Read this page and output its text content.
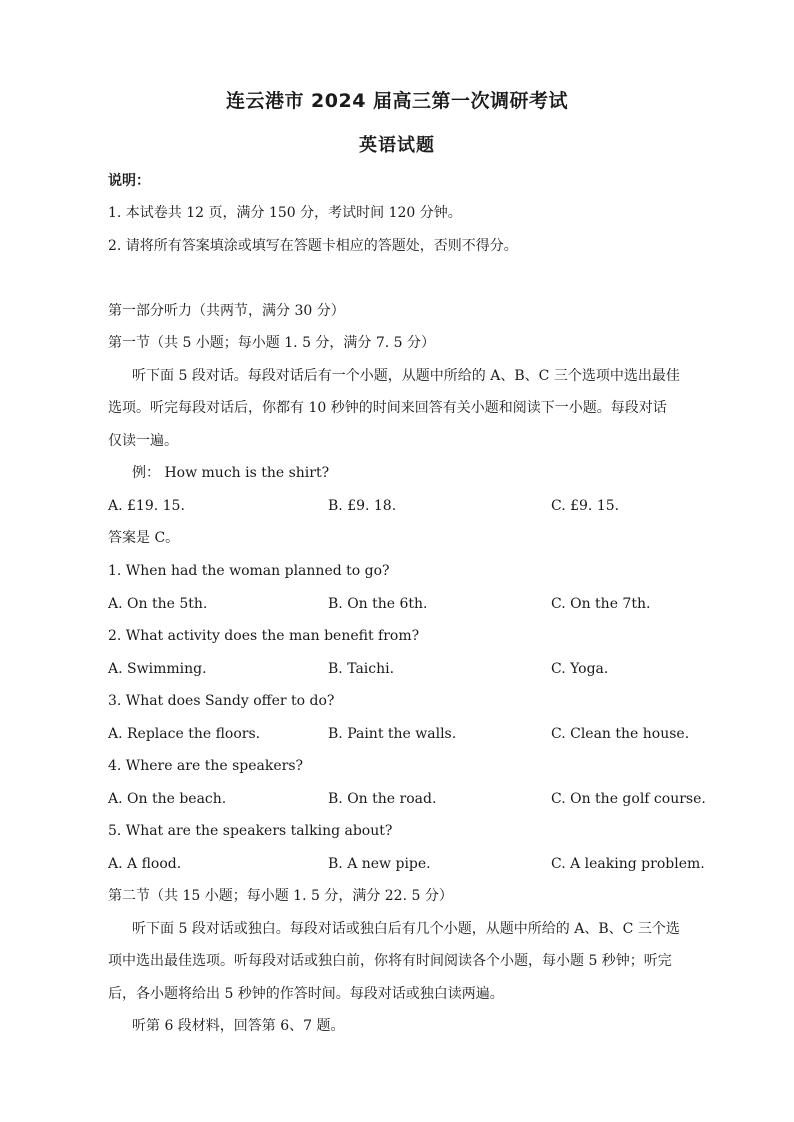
连云港市 2024 届高三第一次调研考试
英语试题
说明：
1. 本试卷共 12 页，满分 150 分，考试时间 120 分钟。
2. 请将所有答案填涂或填写在答题卡相应的答题处，否则不得分。
第一部分听力（共两节，满分 30 分）
第一节（共 5 小题；每小题 1. 5 分，满分 7. 5 分）
听下面 5 段对话。每段对话后有一个小题，从题中所给的 A、B、C 三个选项中选出最佳
选项。听完每段对话后，你都有 10 秒钟的时间来回答有关小题和阅读下一小题。每段对话
仅读一遍。
例： How much is the shirt?
A. £19. 15.	B. £9. 18.	C. £9. 15.
答案是 C。
1. When had the woman planned to go?
A. On the 5th.	B. On the 6th.	C. On the 7th.
2. What activity does the man benefit from?
A. Swimming.	B. Taichi.	C. Yoga.
3. What does Sandy offer to do?
A. Replace the floors.	B. Paint the walls.	C. Clean the house.
4. Where are the speakers?
A. On the beach.	B. On the road.	C. On the golf course.
5. What are the speakers talking about?
A. A flood.	B. A new pipe.	C. A leaking problem.
第二节（共 15 小题；每小题 1. 5 分，满分 22. 5 分）
听下面 5 段对话或独白。每段对话或独白后有几个小题，从题中所给的 A、B、C 三个选
项中选出最佳选项。听每段对话或独白前，你将有时间阅读各个小题，每小题 5 秒钟；听完
后，各小题将给出 5 秒钟的作答时间。每段对话或独白读两遍。
听第 6 段材料，回答第 6、7 题。
